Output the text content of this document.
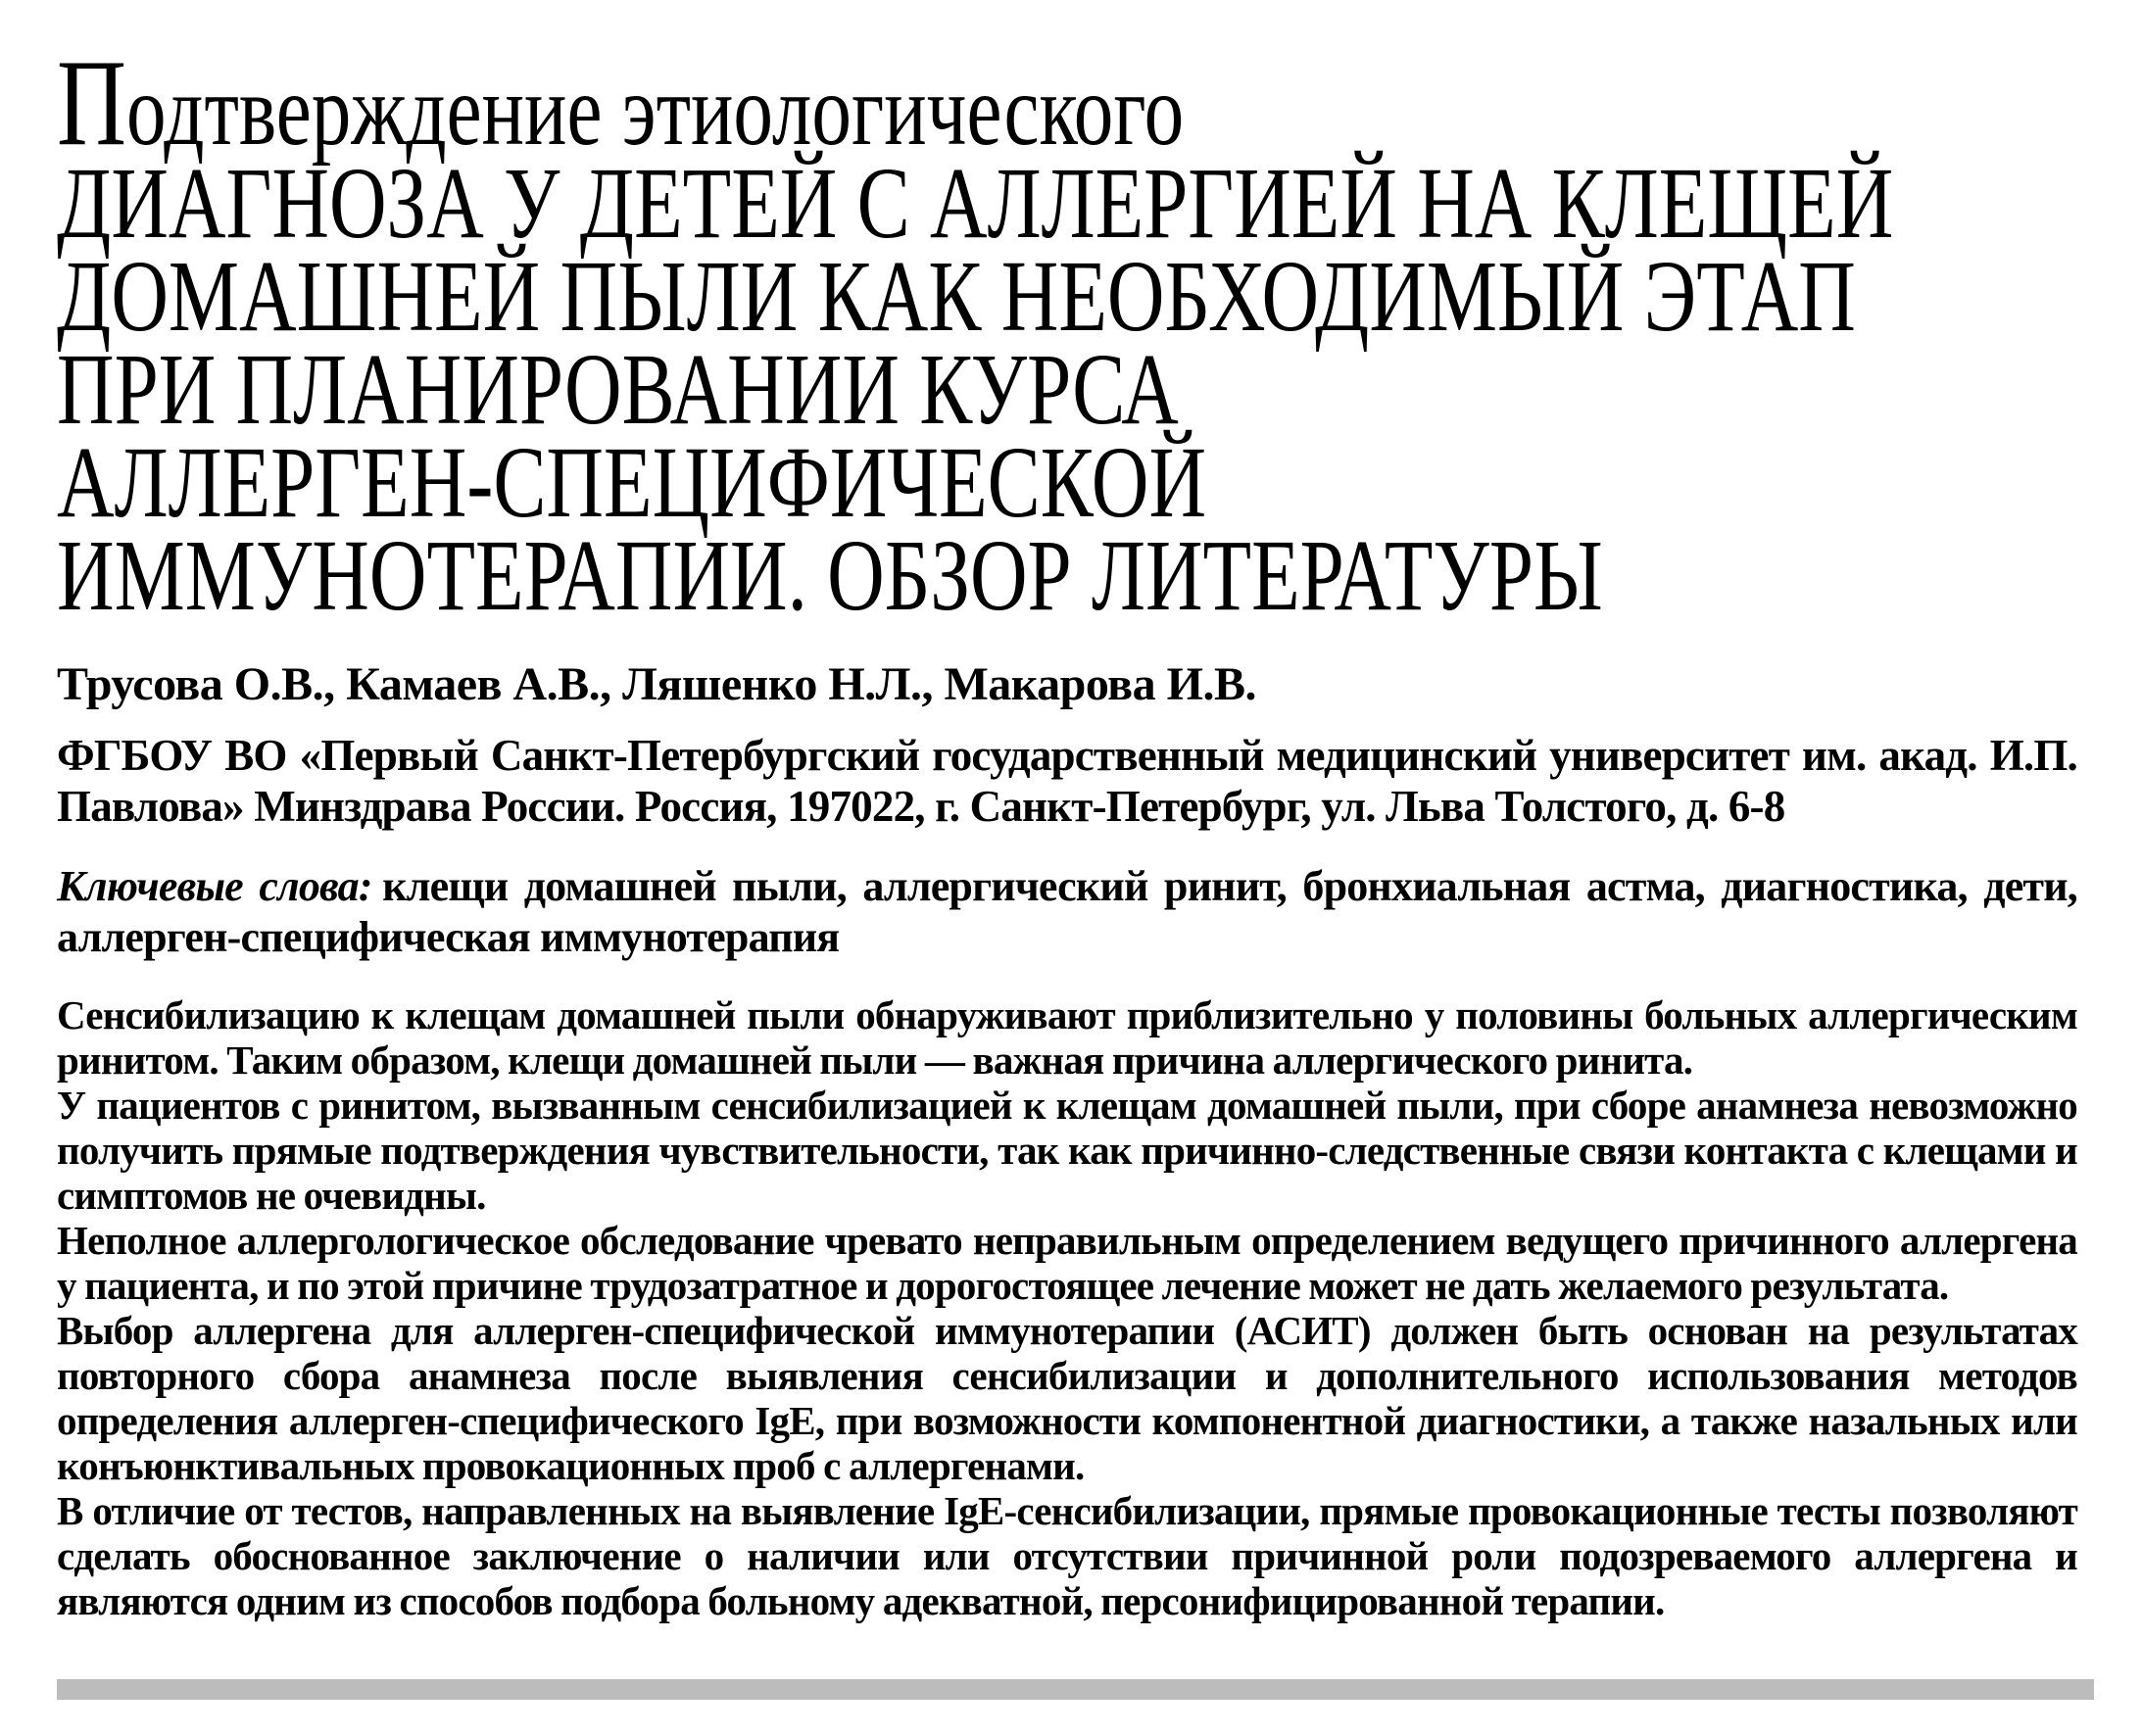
Подтверждение этиологического
ДИАГНОЗА У ДЕТЕЙ С АЛЛЕРГИЕЙ НА КЛЕЩЕЙ
ДОМАШНЕЙ ПЫЛИ КАК НЕОБХОДИМЫЙ ЭТАП
ПРИ ПЛАНИРОВАНИИ КУРСА
АЛЛЕРГЕН-СПЕЦИФИЧЕСКОЙ
ИММУНОТЕРАПИИ. ОБЗОР ЛИТЕРАТУРЫ
Трусова О.В., Камаев А.В., Ляшенко Н.Л., Макарова И.В.
ФГБОУ ВО «Первый Санкт-Петербургский государственный медицинский университет им. акад. И.П. Павлова» Минздрава России. Россия, 197022, г. Санкт-Петербург, ул. Льва Толстого, д. 6-8
Ключевые слова: клещи домашней пыли, аллергический ринит, бронхиальная астма, диагностика, дети, аллерген-специфическая иммунотерапия

Сенсибилизацию к клещам домашней пыли обнаруживают приблизительно у половины больных аллергическим ринитом. Таким образом, клещи домашней пыли — важная причина аллергического ринита.

У пациентов с ринитом, вызванным сенсибилизацией к клещам домашней пыли, при сборе анамнеза невозможно получить прямые подтверждения чувствительности, так как причинно-следственные связи контакта с клещами и симптомов не очевидны.

Неполное аллергологическое обследование чревато неправильным определением ведущего причинного аллергена у пациента, и по этой причине трудозатратное и дорогостоящее лечение может не дать желаемого результата.

Выбор аллергена для аллерген-специфической иммунотерапии (АСИТ) должен быть основан на результатах повторного сбора анамнеза после выявления сенсибилизации и дополнительного использования методов определения аллерген-специфического IgE, при возможности компонентной диагностики, а также назальных или конъюнктивальных провокационных проб с аллергенами.

В отличие от тестов, направленных на выявление IgE-сенсибилизации, прямые провокационные тесты позволяют сделать обоснованное заключение о наличии или отсутствии причинной роли подозреваемого аллергена и являются одним из способов подбора больному адекватной, персонифицированной терапии.
